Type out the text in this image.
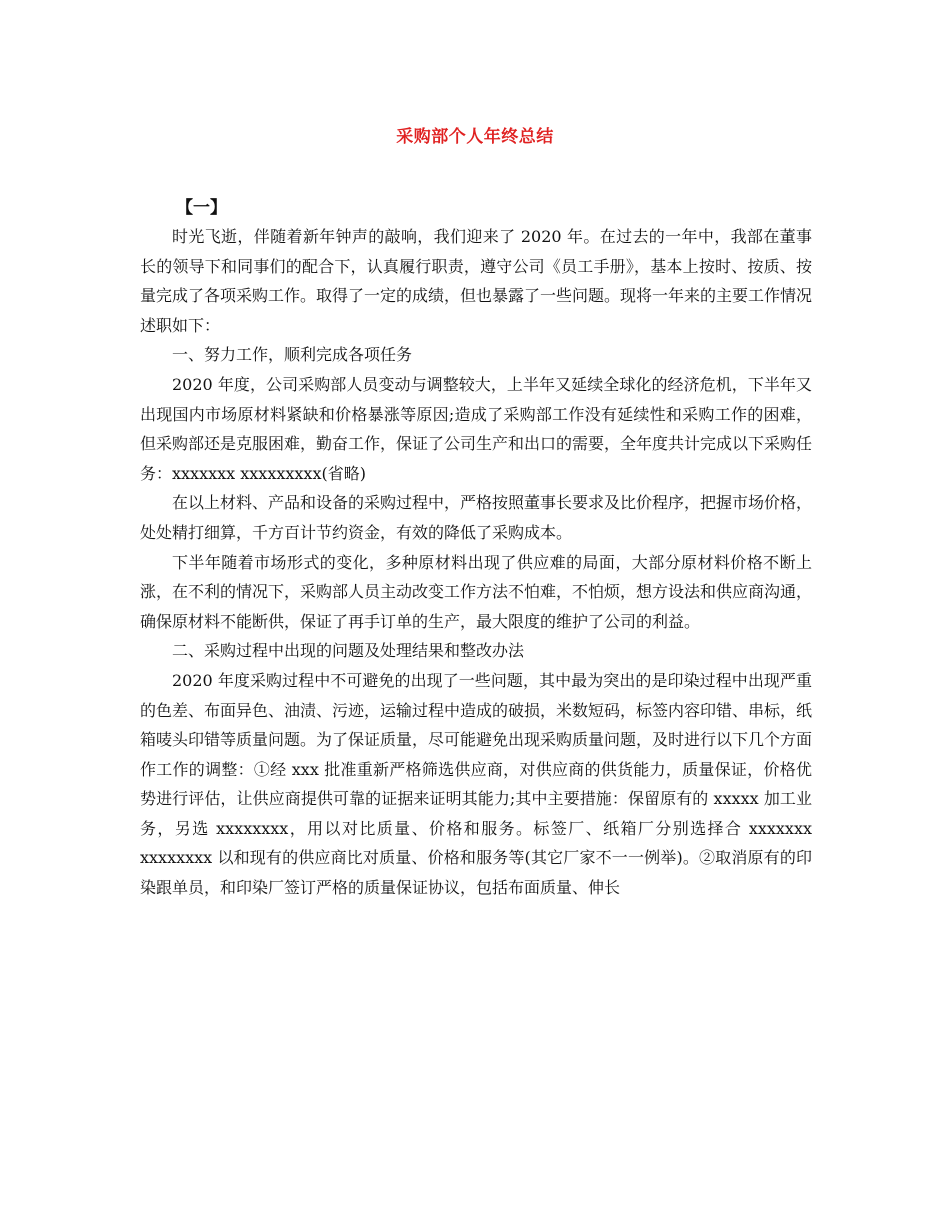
采购部个人年终总结
【一】

时光飞逝，伴随着新年钟声的敲响，我们迎来了 2020 年。在过去的一年中，我部在董事长的领导下和同事们的配合下，认真履行职责，遵守公司《员工手册》，基本上按时、按质、按量完成了各项采购工作。取得了一定的成绩，但也暴露了一些问题。现将一年来的主要工作情况述职如下：

一、努力工作，顺利完成各项任务

2020 年度，公司采购部人员变动与调整较大，上半年又延续全球化的经济危机，下半年又出现国内市场原材料紧缺和价格暴涨等原因;造成了采购部工作没有延续性和采购工作的困难，但采购部还是克服困难，勤奋工作，保证了公司生产和出口的需要，全年度共计完成以下采购任务：xxxxxxx xxxxxxxxx(省略)

在以上材料、产品和设备的采购过程中，严格按照董事长要求及比价程序，把握市场价格，处处精打细算，千方百计节约资金，有效的降低了采购成本。

下半年随着市场形式的变化，多种原材料出现了供应难的局面，大部分原材料价格不断上涨，在不利的情况下，采购部人员主动改变工作方法不怕难，不怕烦，想方设法和供应商沟通，确保原材料不能断供，保证了再手订单的生产，最大限度的维护了公司的利益。

二、采购过程中出现的问题及处理结果和整改办法

2020 年度采购过程中不可避免的出现了一些问题，其中最为突出的是印染过程中出现严重的色差、布面异色、油渍、污迹，运输过程中造成的破损，米数短码，标签内容印错、串标，纸箱唛头印错等质量问题。为了保证质量，尽可能避免出现采购质量问题，及时进行以下几个方面作工作的调整：①经 xxx 批准重新严格筛选供应商，对供应商的供货能力，质量保证，价格优势进行评估，让供应商提供可靠的证据来证明其能力;其中主要措施：保留原有的 xxxxx 加工业务，另选 xxxxxxxx，用以对比质量、价格和服务。标签厂、纸箱厂分别选择合 xxxxxxx xxxxxxxx 以和现有的供应商比对质量、价格和服务等(其它厂家不一一例举)。②取消原有的印染跟单员，和印染厂签订严格的质量保证协议，包括布面质量、伸长
